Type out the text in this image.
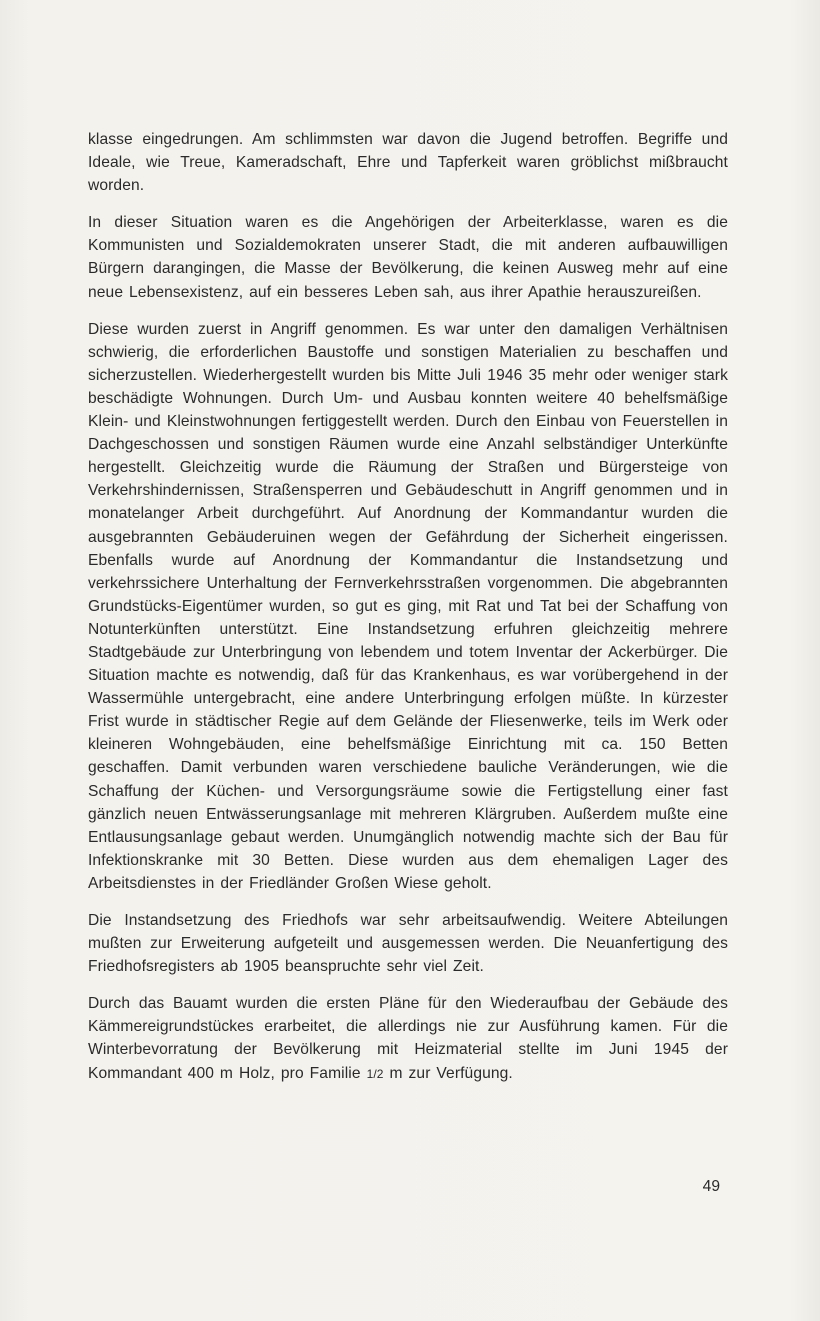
klasse eingedrungen. Am schlimmsten war davon die Jugend betroffen. Begriffe und Ideale, wie Treue, Kameradschaft, Ehre und Tapferkeit waren gröblichst mißbraucht worden.

In dieser Situation waren es die Angehörigen der Arbeiterklasse, waren es die Kommunisten und Sozialdemokraten unserer Stadt, die mit anderen aufbauwilligen Bürgern darangingen, die Masse der Bevölkerung, die keinen Ausweg mehr auf eine neue Lebensexistenz, auf ein besseres Leben sah, aus ihrer Apathie herauszureißen.

Diese wurden zuerst in Angriff genommen. Es war unter den damaligen Verhältnisen schwierig, die erforderlichen Baustoffe und sonstigen Materialien zu beschaffen und sicherzustellen. Wiederhergestellt wurden bis Mitte Juli 1946 35 mehr oder weniger stark beschädigte Wohnungen. Durch Um- und Ausbau konnten weitere 40 behelfsmäßige Klein- und Kleinstwohnungen fertiggestellt werden. Durch den Einbau von Feuerstellen in Dachgeschossen und sonstigen Räumen wurde eine Anzahl selbständiger Unterkünfte hergestellt. Gleichzeitig wurde die Räumung der Straßen und Bürgersteige von Verkehrshindernissen, Straßensperren und Gebäudeschutt in Angriff genommen und in monatelanger Arbeit durchgeführt. Auf Anordnung der Kommandantur wurden die ausgebrannten Gebäuderuinen wegen der Gefährdung der Sicherheit eingerissen. Ebenfalls wurde auf Anordnung der Kommandantur die Instandsetzung und verkehrssichere Unterhaltung der Fernverkehrsstraßen vorgenommen. Die abgebrannten Grundstücks-Eigentümer wurden, so gut es ging, mit Rat und Tat bei der Schaffung von Notunterkünften unterstützt. Eine Instandsetzung erfuhren gleichzeitig mehrere Stadtgebäude zur Unterbringung von lebendem und totem Inventar der Ackerbürger. Die Situation machte es notwendig, daß für das Krankenhaus, es war vorübergehend in der Wassermühle untergebracht, eine andere Unterbringung erfolgen müßte. In kürzester Frist wurde in städtischer Regie auf dem Gelände der Fliesenwerke, teils im Werk oder kleineren Wohngebäuden, eine behelfsmäßige Einrichtung mit ca. 150 Betten geschaffen. Damit verbunden waren verschiedene bauliche Veränderungen, wie die Schaffung der Küchen- und Versorgungsräume sowie die Fertigstellung einer fast gänzlich neuen Entwässerungsanlage mit mehreren Klärgruben. Außerdem mußte eine Entlausungsanlage gebaut werden. Unumgänglich notwendig machte sich der Bau für Infektionskranke mit 30 Betten. Diese wurden aus dem ehemaligen Lager des Arbeitsdienstes in der Friedländer Großen Wiese geholt.

Die Instandsetzung des Friedhofs war sehr arbeitsaufwendig. Weitere Abteilungen mußten zur Erweiterung aufgeteilt und ausgemessen werden. Die Neuanfertigung des Friedhofsregisters ab 1905 beanspruchte sehr viel Zeit.

Durch das Bauamt wurden die ersten Pläne für den Wiederaufbau der Gebäude des Kämmereigrundstückes erarbeitet, die allerdings nie zur Ausführung kamen. Für die Winterbevorratung der Bevölkerung mit Heizmaterial stellte im Juni 1945 der Kommandant 400 m Holz, pro Familie 1/2 m zur Verfügung.

49
